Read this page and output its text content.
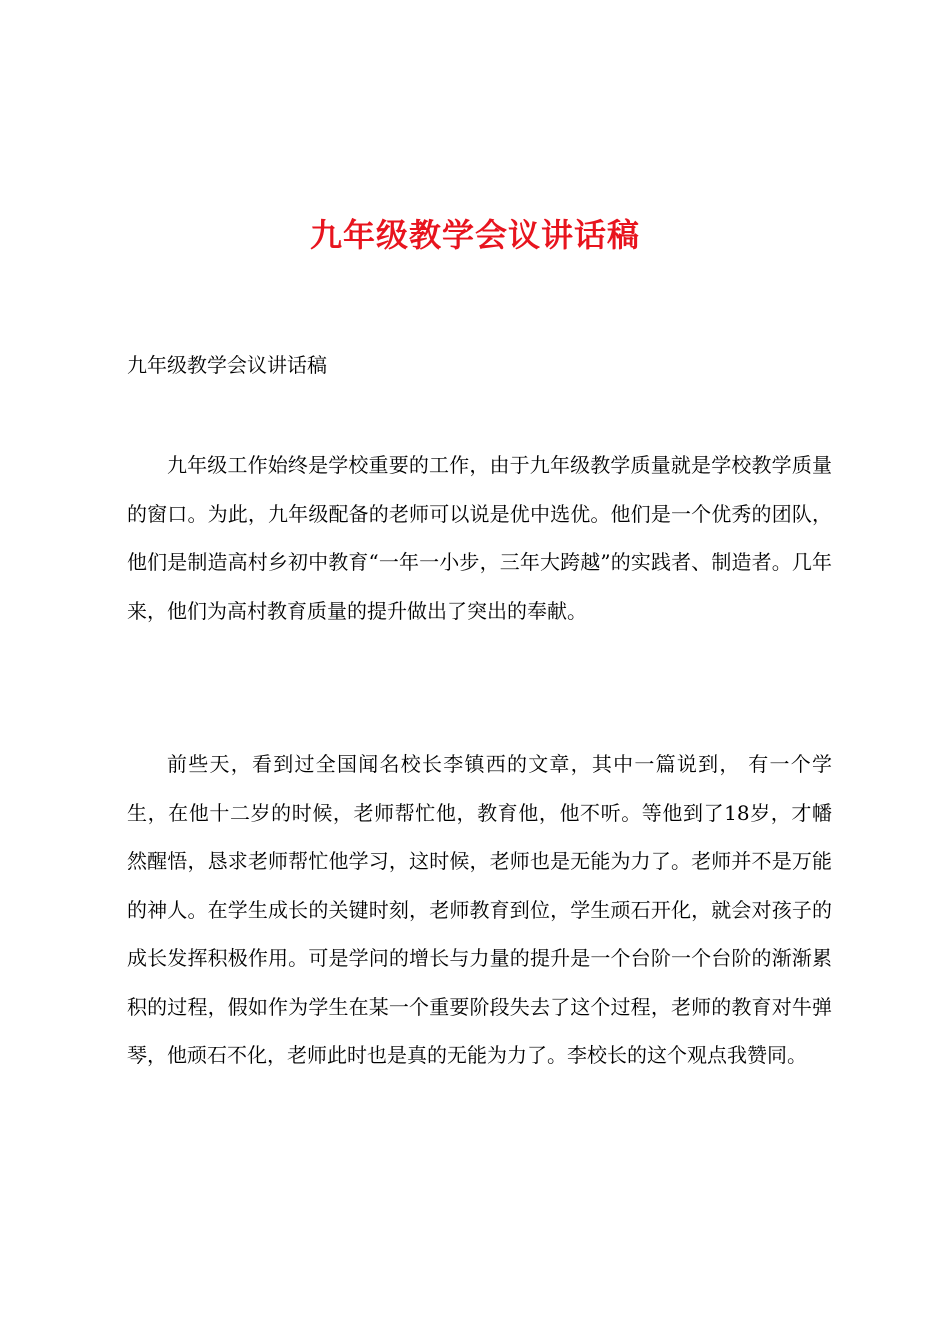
九年级教学会议讲话稿
九年级教学会议讲话稿

九年级工作始终是学校重要的工作，由于九年级教学质量就是学校教学质量的窗口。为此，九年级配备的老师可以说是优中选优。他们是一个优秀的团队，他们是制造高村乡初中教育“一年一小步，三年大跨越”的实践者、制造者。几年来，他们为高村教育质量的提升做出了突出的奉献。

前些天，看到过全国闻名校长李镇西的文章，其中一篇说到， 有一个学生，在他十二岁的时候，老师帮忙他，教育他，他不听。等他到了18岁，才幡然醒悟，恳求老师帮忙他学习，这时候，老师也是无能为力了。老师并不是万能的神人。在学生成长的关键时刻，老师教育到位，学生顽石开化，就会对孩子的成长发挥积极作用。可是学问的增长与力量的提升是一个台阶一个台阶的渐渐累积的过程，假如作为学生在某一个重要阶段失去了这个过程，老师的教育对牛弹琴，他顽石不化，老师此时也是真的无能为力了。李校长的这个观点我赞同。
